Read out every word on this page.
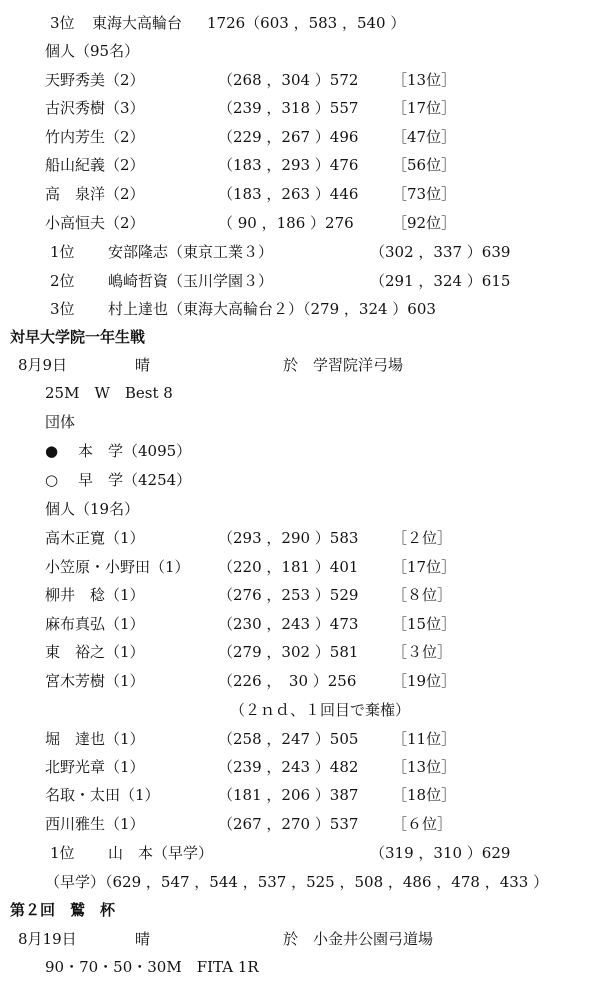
3位 東海大高輪台 1726（603 ，583 ，540 ）
個人（95名）
天野秀美（2）	（268 ，304 ）572 ［13位］
古沢秀樹（3）	（239 ，318 ）557 ［17位］
竹内芳生（2）	（229 ，267 ）496 ［47位］
船山紀義（2）	（183 ，293 ）476 ［56位］
高　泉洋（2）	（183 ，263 ）446 ［73位］
小高恒夫（2）	（ 90 ，186 ）276	［92位］
1位 安部隆志（東京工業３）	（302 ，337 ）639
2位 嶋崎哲資（玉川学園３）	（291 ，324 ）615
3位 村上達也（東海大高輪台２）（279 ，324 ）603
対早大学院一年生戦
8月9日	晴	於　学習院洋弓場
25M　W　Best 8
団体
● 本　学（4095）
○ 早　学（4254）
個人（19名）
高木正寛（1）	（293 ，290 ）583 ［２位］
小笠原・小野田（1） （220 ，181 ）401 ［17位］
柳井　稔（1）	（276 ，253 ）529 ［８位］
麻布真弘（1）	（230 ，243 ）473 ［15位］
東　裕之（1）	（279 ，302 ）581 ［３位］
宮木芳樹（1）	（226 ，　30 ）256 ［19位］
（２ｎｄ、１回目で棄権）
堀　達也（1）	（258 ，247 ）505 ［11位］
北野光章（1）	（239 ，243 ）482 ［13位］
名取・太田（1）	（181 ，206 ）387 ［18位］
西川雅生（1）	（267 ，270 ）537 ［６位］
1位 山　本（早学）	（319 ，310 ）629
（早学）（629 ，547 ，544 ，537 ，525 ，508 ，486 ，478 ，433 ）
第２回　鷲　杯
8月19日	晴	於　小金井公園弓道場
90・70・50・30M　FITA 1R
